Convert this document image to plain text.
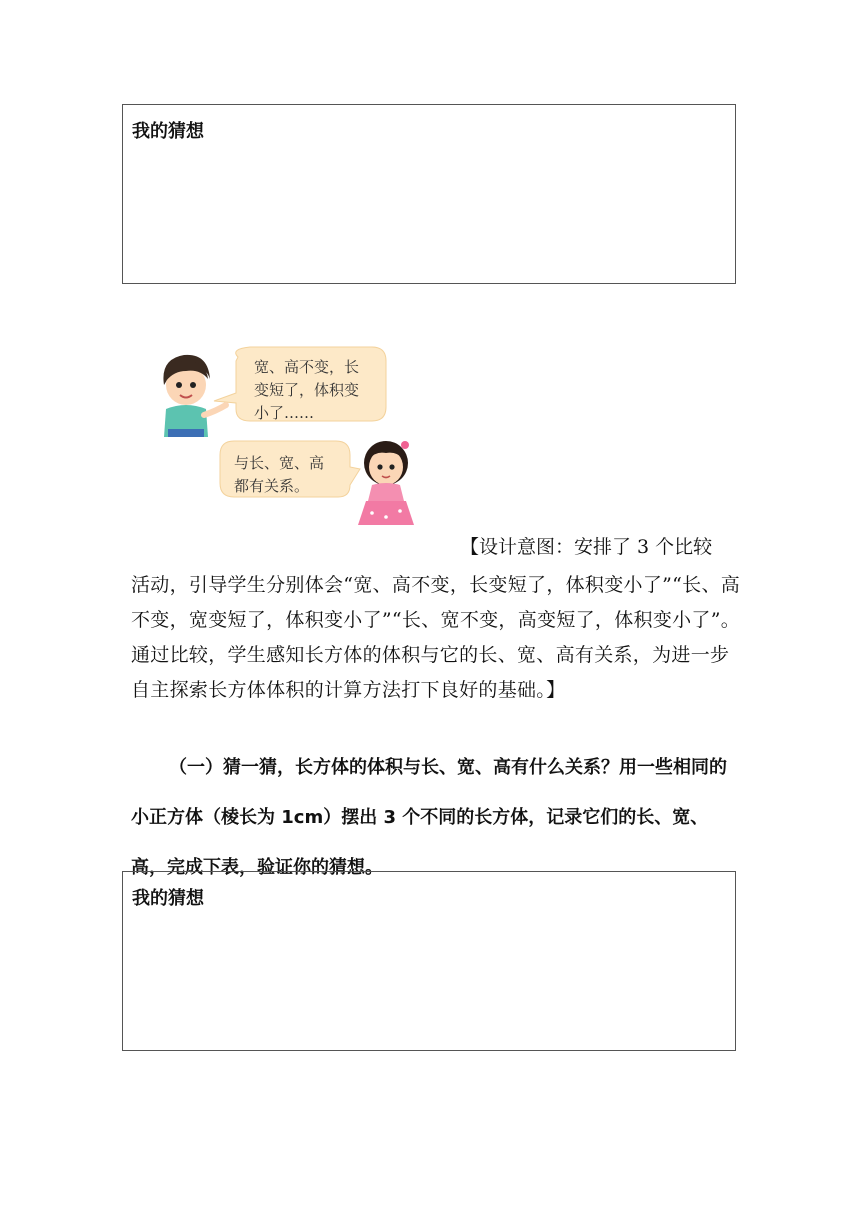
我的猜想
宽、高不变，长
变短了，体积变
小了……
与长、宽、高
都有关系。
【设计意图：安排了 3 个比较
活动，引导学生分别体会“宽、高不变，长变短了，体积变小了”“长、高不变，宽变短了，体积变小了”“长、宽不变，高变短了，体积变小了”。通过比较，学生感知长方体的体积与它的长、宽、高有关系，为进一步自主探索长方体体积的计算方法打下良好的基础。】
（一）猜一猜，长方体的体积与长、宽、高有什么关系？用一些相同的小正方体（棱长为 1cm）摆出 3 个不同的长方体，记录它们的长、宽、高，完成下表，验证你的猜想。
我的猜想
